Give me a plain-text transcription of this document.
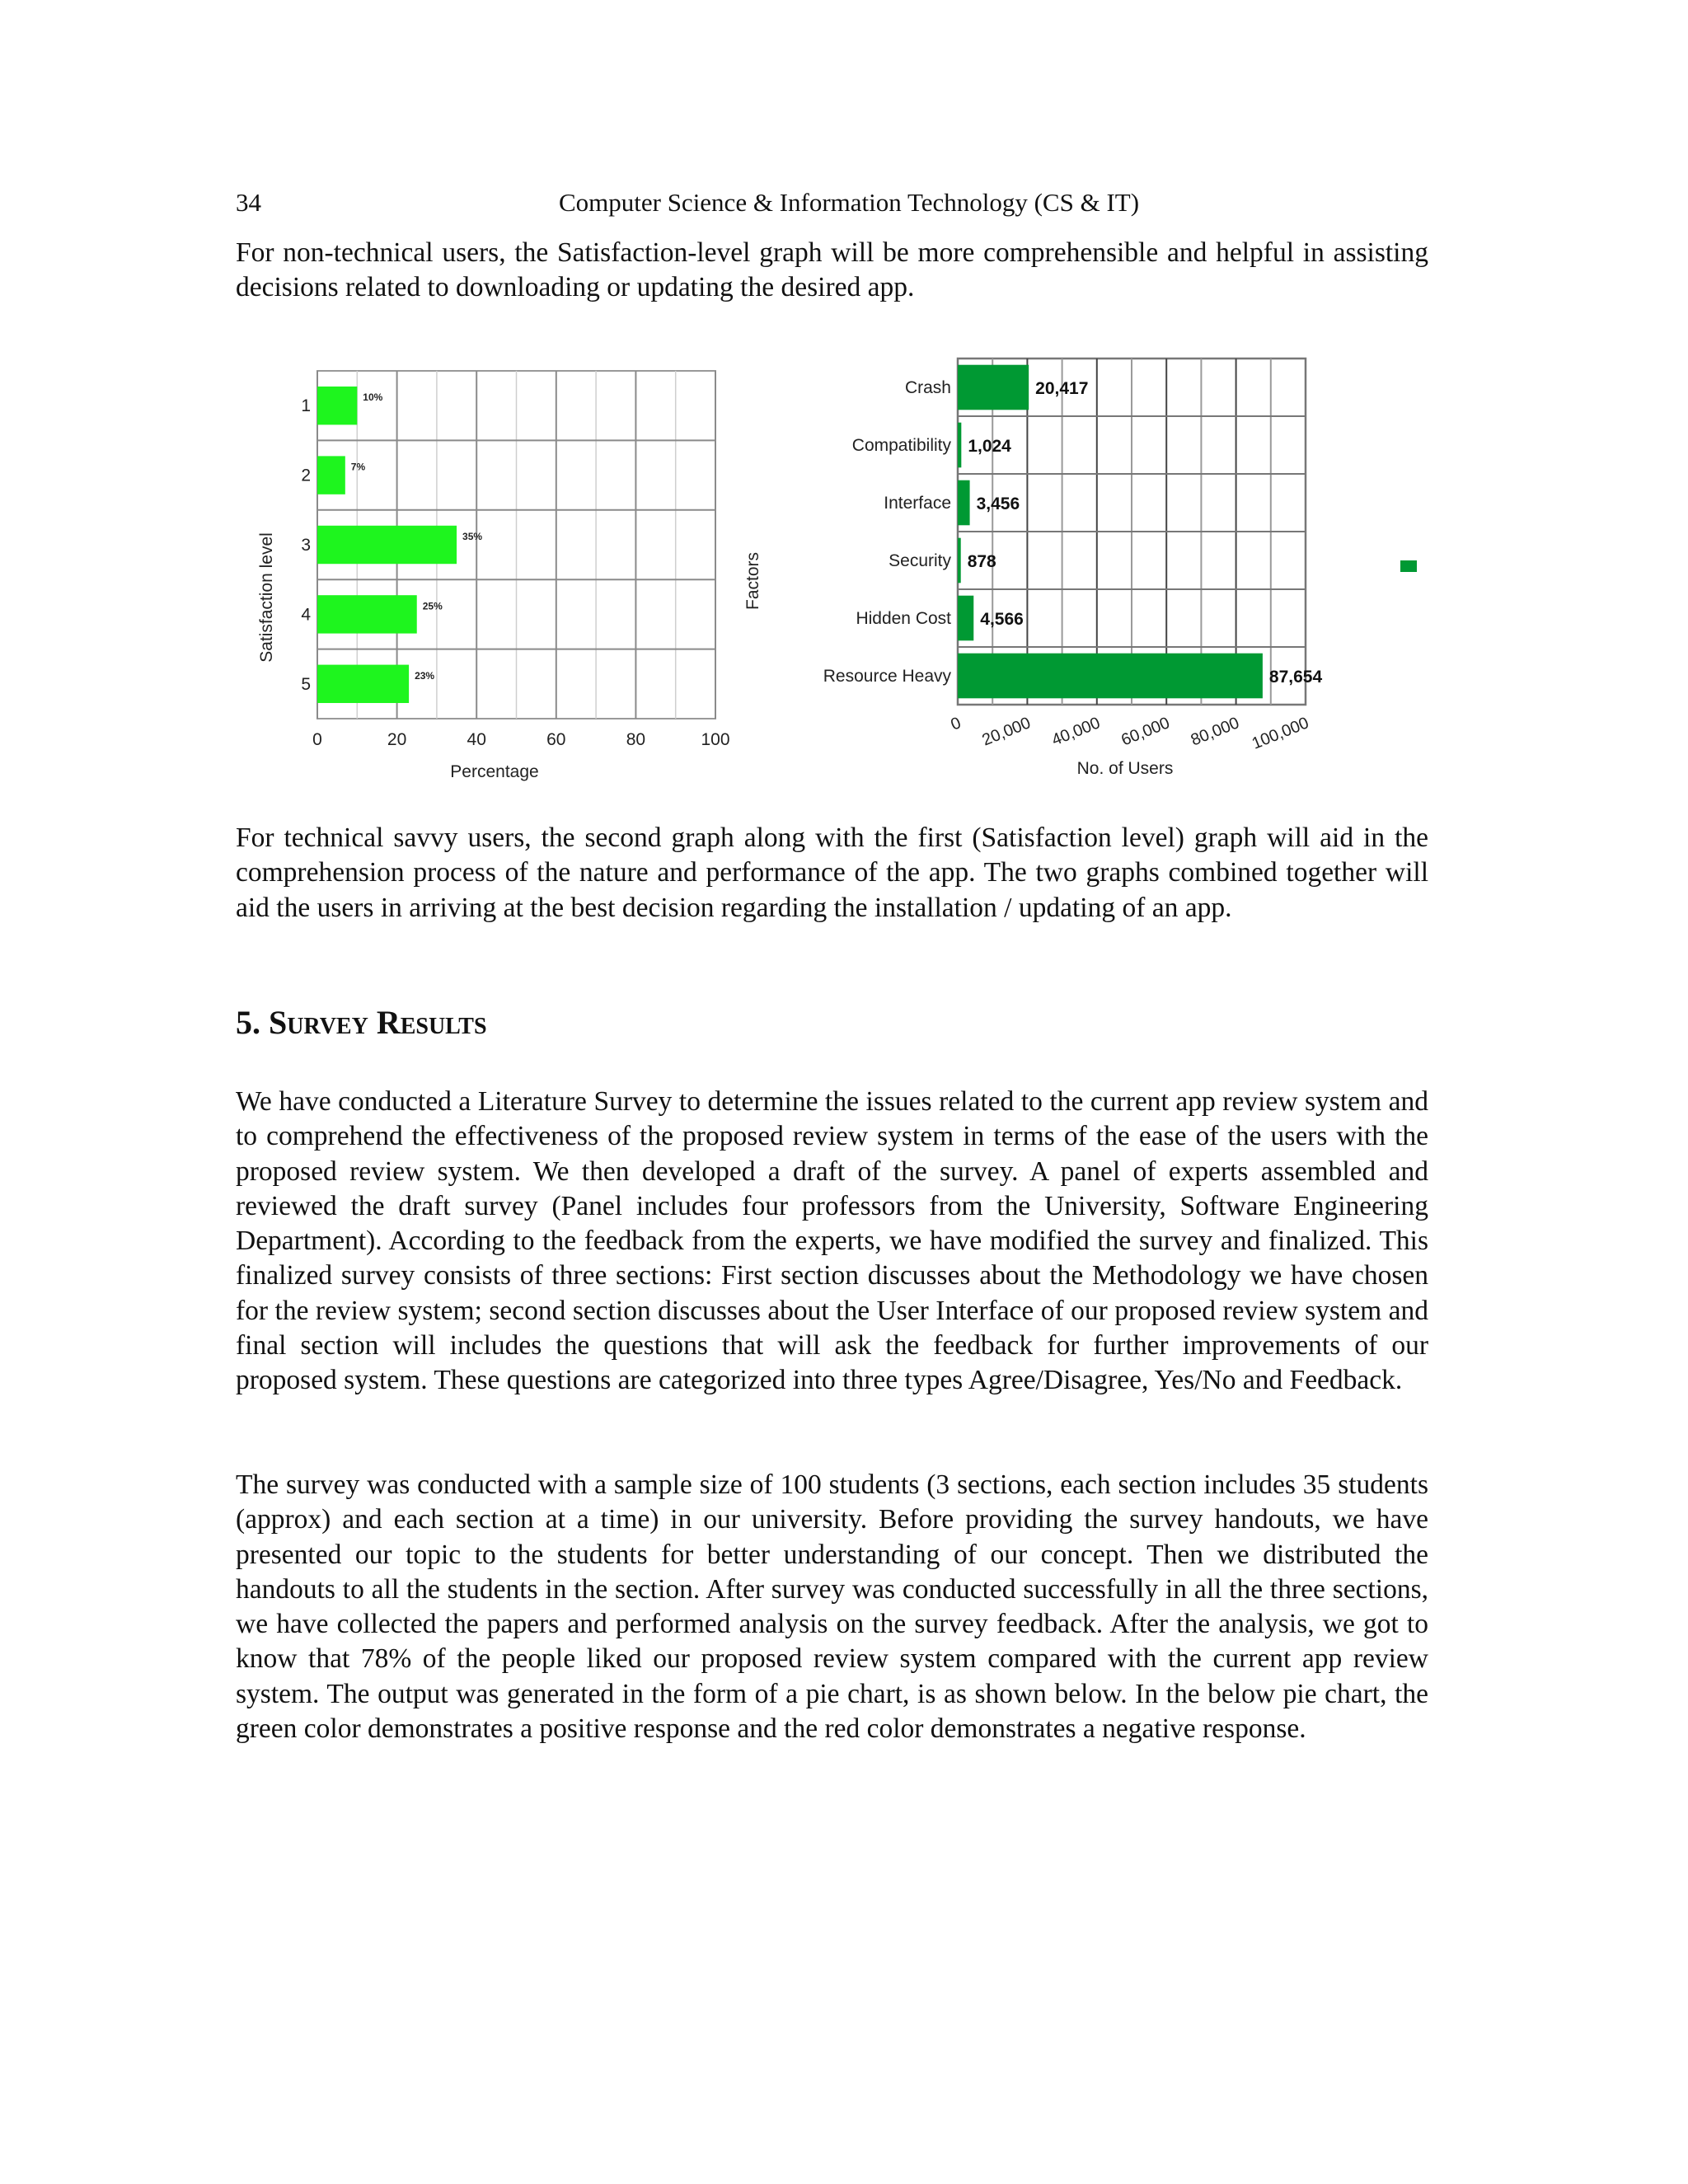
34	Computer Science & Information Technology (CS & IT)

For non-technical users, the Satisfaction-level graph will be more comprehensible and helpful in assisting decisions related to downloading or updating the desired app.

10%
7%
35%
25%
23%
1
2
3
4
5
0	20	40	60	80	100
Percentage
Satisfaction level
20,417
1,024
3,456
878
4,566
87,654
Crash
Compatibility
Interface
Security
Hidden Cost
Resource Heavy
0 20,000 40,000 60,000 80,000 100,000
No. of Users
Factors

For technical savvy users, the second graph along with the first (Satisfaction level) graph will aid in the comprehension process of the nature and performance of the app. The two graphs combined together will aid the users in arriving at the best decision regarding the installation / updating of an app.

5. Survey Results

We have conducted a Literature Survey to determine the issues related to the current app review system and to comprehend the effectiveness of the proposed review system in terms of the ease of the users with the proposed review system. We then developed a draft of the survey. A panel of experts assembled and reviewed the draft survey (Panel includes four professors from the University, Software Engineering Department). According to the feedback from the experts, we have modified the survey and finalized. This finalized survey consists of three sections: First section discusses about the Methodology we have chosen for the review system; second section discusses about the User Interface of our proposed review system and final section will includes the questions that will ask the feedback for further improvements of our proposed system. These questions are categorized into three types Agree/Disagree, Yes/No and Feedback.

The survey was conducted with a sample size of 100 students (3 sections, each section includes 35 students (approx) and each section at a time) in our university. Before providing the survey handouts, we have presented our topic to the students for better understanding of our concept. Then we distributed the handouts to all the students in the section. After survey was conducted successfully in all the three sections, we have collected the papers and performed analysis on the survey feedback. After the analysis, we got to know that 78% of the people liked our proposed review system compared with the current app review system. The output was generated in the form of a pie chart, is as shown below. In the below pie chart, the green color demonstrates a positive response and the red color demonstrates a negative response.
